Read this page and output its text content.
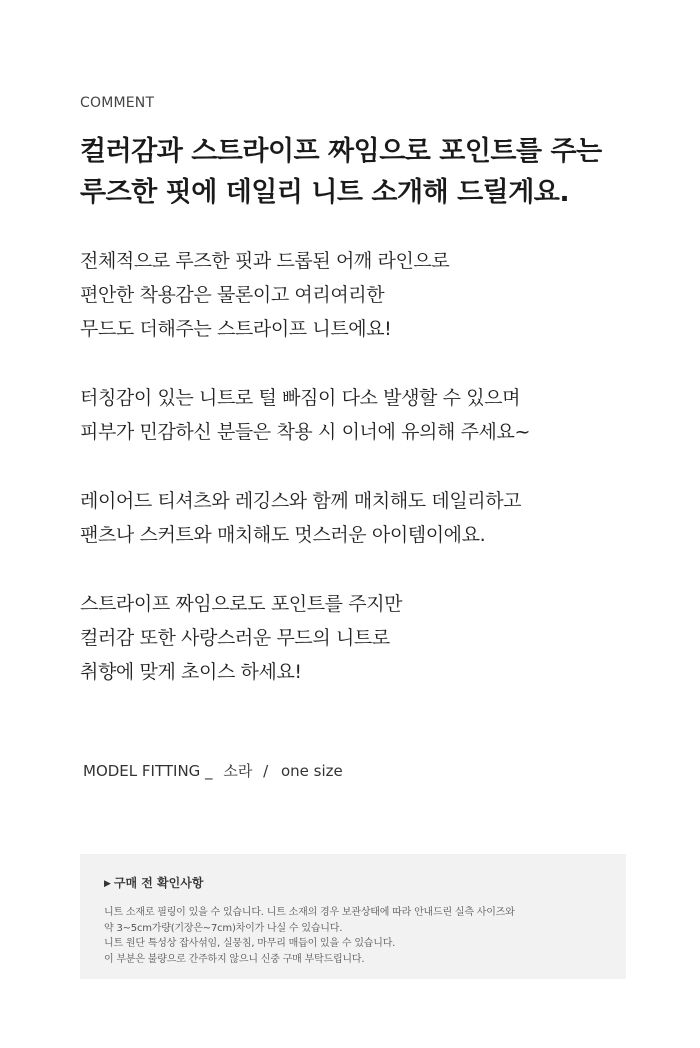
COMMENT
컬러감과 스트라이프 짜임으로 포인트를 주는
루즈한 핏에 데일리 니트 소개해 드릴게요.
전체적으로 루즈한 핏과 드롭된 어깨 라인으로
편안한 착용감은 물론이고 여리여리한
무드도 더해주는 스트라이프 니트에요!
터칭감이 있는 니트로 털 빠짐이 다소 발생할 수 있으며
피부가 민감하신 분들은 착용 시 이너에 유의해 주세요~
레이어드 티셔츠와 레깅스와 함께 매치해도 데일리하고
팬츠나 스커트와 매치해도 멋스러운 아이템이에요.
스트라이프 짜임으로도 포인트를 주지만
컬러감 또한 사랑스러운 무드의 니트로
취향에 맞게 초이스 하세요!
MODEL FITTING _ 소라 / one size
▶ 구매 전 확인사항
니트 소재로 필링이 있을 수 있습니다. 니트 소재의 경우 보관상태에 따라 안내드린 실측 사이즈와
약 3~5cm가량(기장은~7cm)차이가 나실 수 있습니다.
니트 원단 특성상 잡사섞임, 실뭉침, 마무리 매듭이 있을 수 있습니다.
이 부분은 불량으로 간주하지 않으니 신중 구매 부탁드립니다.
